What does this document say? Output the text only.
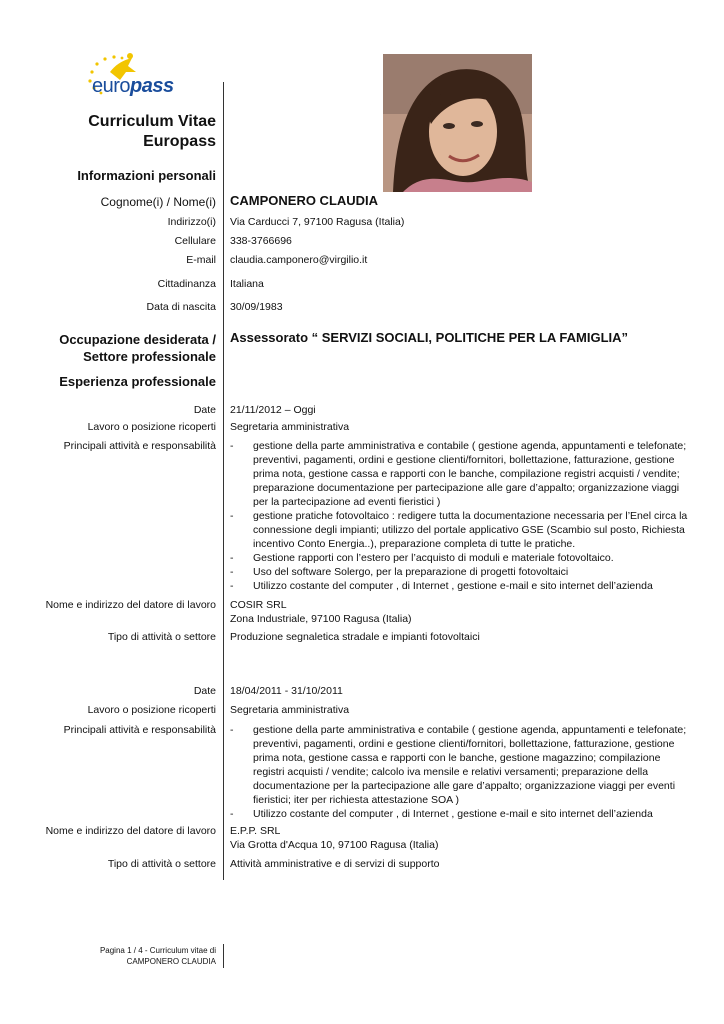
europass
Curriculum Vitae
Europass
Informazioni personali
Cognome(i) / Nome(i) CAMPONERO CLAUDIA
Indirizzo(i) Via Carducci 7, 97100 Ragusa (Italia)
Cellulare 338-3766696
E-mail claudia.camponero@virgilio.it
Cittadinanza Italiana
Data di nascita 30/09/1983
Occupazione desiderata /
Settore professionale
Assessorato “ SERVIZI SOCIALI, POLITICHE PER LA FAMIGLIA”
Esperienza professionale
Date 21/11/2012 – Oggi
Lavoro o posizione ricoperti Segretaria amministrativa
Principali attività e responsabilità	- gestione della parte amministrativa e contabile ( gestione agenda, appuntamenti e telefonate; preventivi, pagamenti, ordini e gestione clienti/fornitori, bollettazione, fatturazione, gestione prima nota, gestione cassa e rapporti con le banche, compilazione registri acquisti / vendite; preparazione documentazione per partecipazione alle gare d’appalto; organizzazione viaggi per la partecipazione ad eventi fieristici )
- gestione pratiche fotovoltaico : redigere tutta la documentazione necessaria per l’Enel circa la connessione degli impianti; utilizzo del portale applicativo GSE (Scambio sul posto, Richiesta incentivo Conto Energia..), preparazione completa di tutte le pratiche.
- Gestione rapporti con l’estero per l’acquisto di moduli e materiale fotovoltaico.
- Uso del software Solergo, per la preparazione di progetti fotovoltaici
- Utilizzo costante del computer , di Internet , gestione e-mail e sito internet dell’azienda
Nome e indirizzo del datore di lavoro COSIR SRL
Zona Industriale, 97100 Ragusa (Italia)
Tipo di attività o settore Produzione segnaletica stradale e impianti fotovoltaici
Date 18/04/2011 - 31/10/2011
Lavoro o posizione ricoperti Segretaria amministrativa
Principali attività e responsabilità	- gestione della parte amministrativa e contabile ( gestione agenda, appuntamenti e telefonate; preventivi, pagamenti, ordini e gestione clienti/fornitori, bollettazione, fatturazione, gestione prima nota, gestione cassa e rapporti con le banche, gestione magazzino; compilazione registri acquisti / vendite; calcolo iva mensile e relativi versamenti; preparazione della documentazione per la partecipazione alle gare d’appalto; organizzazione viaggi per eventi fieristici; iter per richiesta attestazione SOA )
- Utilizzo costante del computer , di Internet , gestione e-mail e sito internet dell’azienda
Nome e indirizzo del datore di lavoro E.P.P. SRL
Via Grotta d'Acqua 10, 97100 Ragusa (Italia)
Tipo di attività o settore Attività amministrative e di servizi di supporto
Pagina 1 / 4 - Curriculum vitae di
CAMPONERO CLAUDIA
